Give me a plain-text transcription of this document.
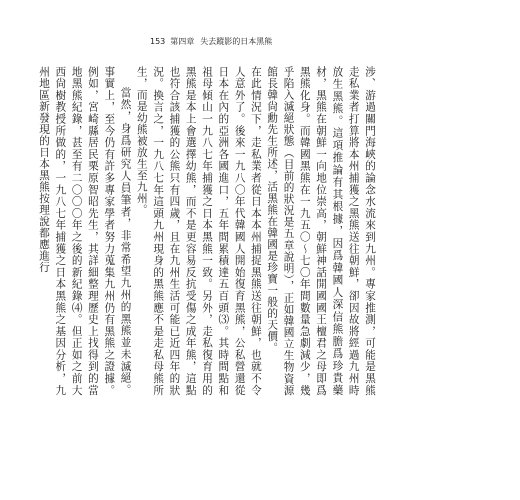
153 第四章 失去蹤影的日本黑熊

涉、游過關門海峽的論念水流來到九州。專家推測，可能是黑熊走私業者打算將本州捕獲之黑熊送往朝鮮，卻因故將經過九州時放生黑熊。這項推論有其根據，因爲韓國人深信熊膽爲珍貴藥材，黑熊在朝鮮一向地位崇高，朝鮮神話開國國王檀君之母即爲黑熊化身。而韓國黑熊在一九五〇〜七〇年間數量急劇減少，幾乎陷入滅絕狀態（目前的狀況是五章說明），正如韓國立生物資源館長韓尙勳先生所述，活黑熊在韓國是珍寶一般的天價。

在此情況下，走私業者從日本本州捕捉黑熊送往朝鮮，也就不令人意外了。後來一九八〇年代韓國人開始復育黑熊，公私營還從日本在內的亞洲各國進口，五年間累積達五百頭⑶。其時間點和祖母傾山一九八七年捕獲之日本黑熊一致。另外，走私復育用的黑熊是本上會選擇幼熊，而不是更容易反抗受傷之成年熊，這點也符合該捕獲的公熊只有四歲，且在九州生活可能已近四年的狀況。換言之，一九八七年這頭九州現身的黑熊應不是走私母熊所生，而是幼熊被放生至九州。

當然，身爲研究人員筆者，非常希望九州的黑熊並未滅絕。事實上，至今仍有許多專家學者努力蒐集九州仍有黑熊之證據。例如，宮崎縣居民栗原智昭先生，其詳細整理歷史上找得到的當地黑熊紀錄，甚至有二〇〇〇年之後的新紀錄⑷。但正如之前大西尙樹教授所做的，一九八七年捕獲之日本黑熊之基因分析，九州地區新發現的日本黑熊按理說都應進行
